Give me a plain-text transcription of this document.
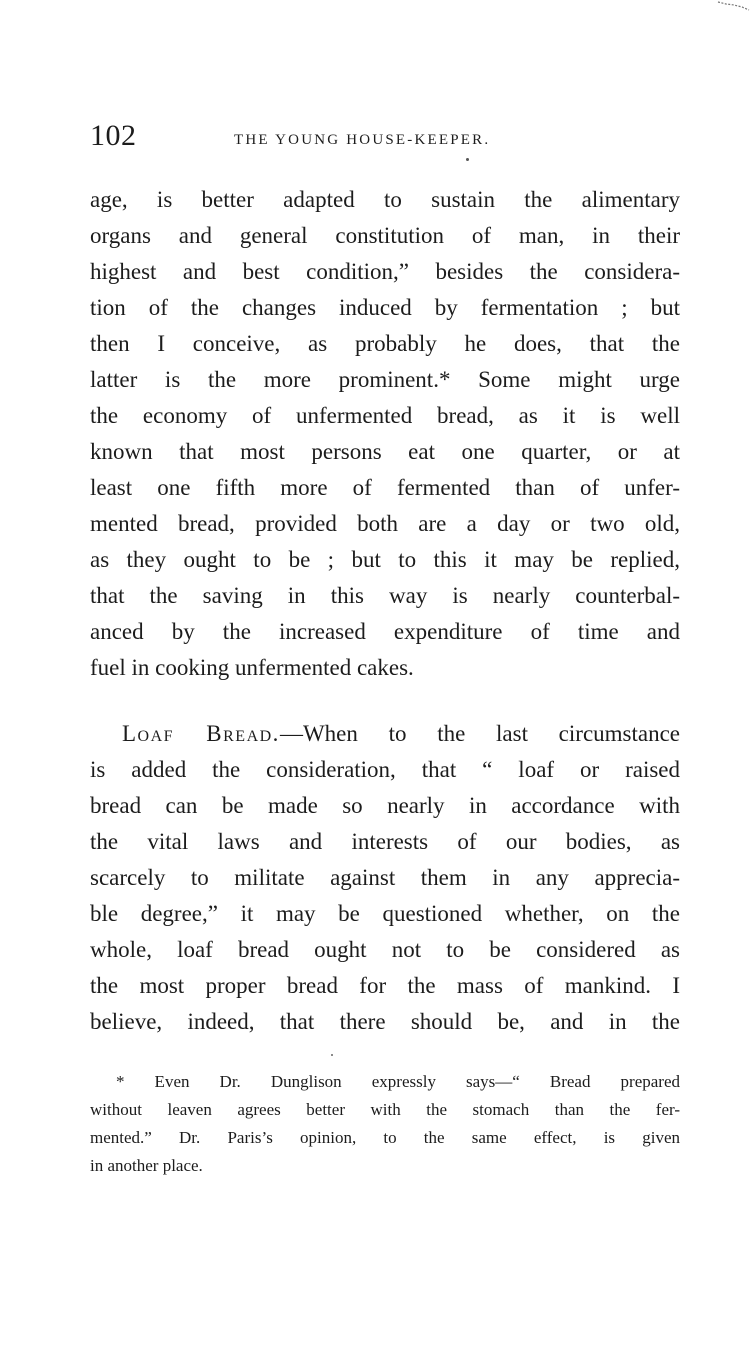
102	THE YOUNG HOUSE-KEEPER.

age, is better adapted to sustain the alimentary

organs and general constitution of man, in their

highest and best condition,” besides the considera-

tion of the changes induced by fermentation ; but

then I conceive, as probably he does, that the

latter is the more prominent.* Some might urge

the economy of unfermented bread, as it is well

known that most persons eat one quarter, or at

least one fifth more of fermented than of unfer-

mented bread, provided both are a day or two old,

as they ought to be ; but to this it may be replied,

that the saving in this way is nearly counterbal-

anced by the increased expenditure of time and

fuel in cooking unfermented cakes.

Loaf Bread.—When to the last circumstance

is added the consideration, that “ loaf or raised

bread can be made so nearly in accordance with

the vital laws and interests of our bodies, as

scarcely to militate against them in any apprecia-

ble degree,” it may be questioned whether, on the

whole, loaf bread ought not to be considered as

the most proper bread for the mass of mankind. I

believe, indeed, that there should be, and in the

* Even Dr. Dunglison expressly says—“ Bread prepared

without leaven agrees better with the stomach than the fer-

mented.” Dr. Paris’s opinion, to the same effect, is given

in another place.
